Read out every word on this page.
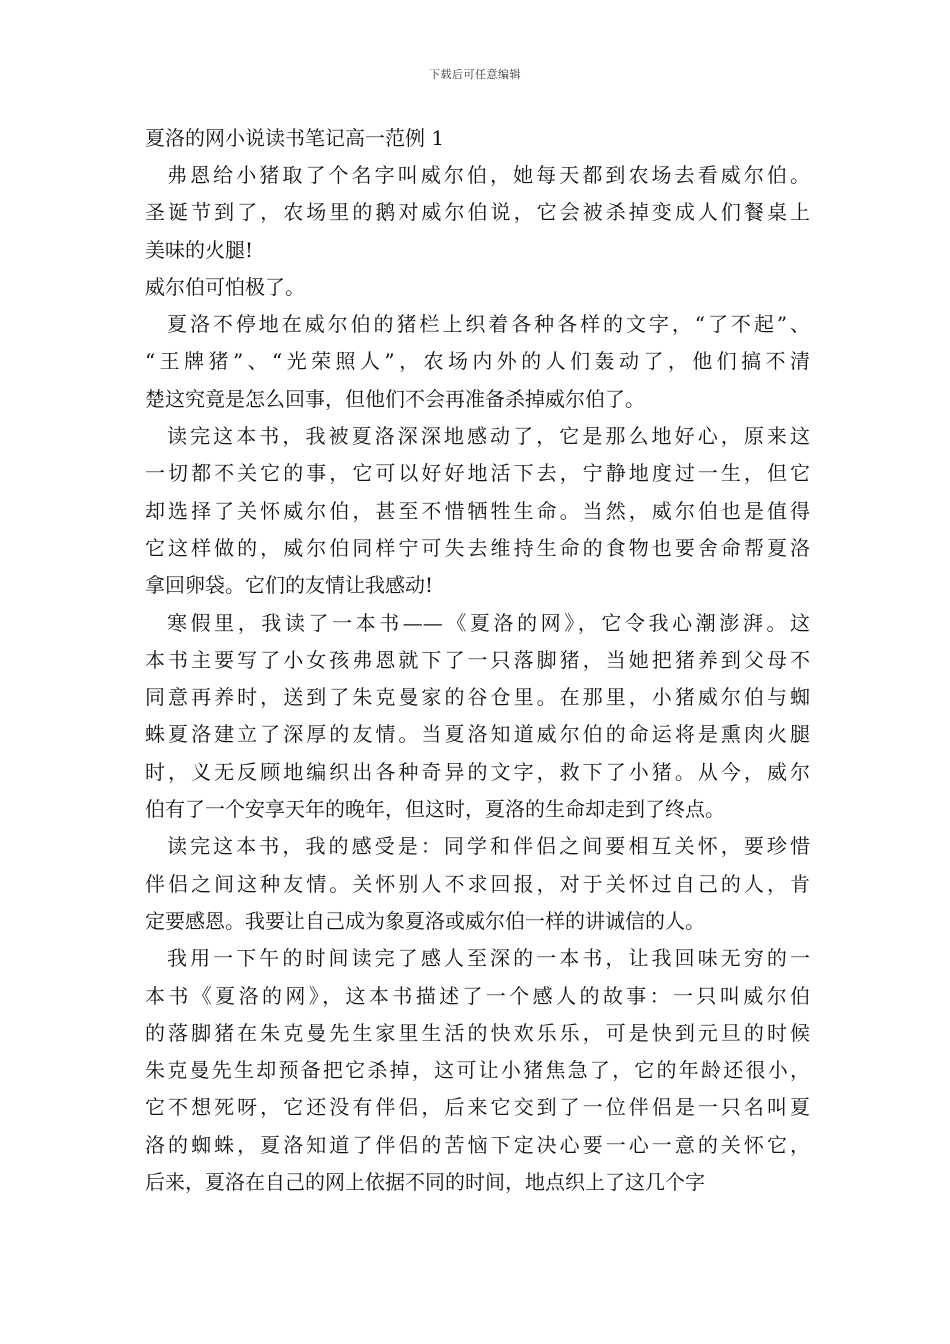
下载后可任意编辑
夏洛的网小说读书笔记高一范例 1
弗恩给小猪取了个名字叫威尔伯，她每天都到农场去看威尔伯。
圣诞节到了，农场里的鹅对威尔伯说，它会被杀掉变成人们餐桌上
美味的火腿!
威尔伯可怕极了。
夏洛不停地在威尔伯的猪栏上织着各种各样的文字，“了不起”、
“王牌猪”、“光荣照人”，农场内外的人们轰动了，他们搞不清
楚这究竟是怎么回事，但他们不会再准备杀掉威尔伯了。
读完这本书，我被夏洛深深地感动了，它是那么地好心，原来这
一切都不关它的事，它可以好好地活下去，宁静地度过一生，但它
却选择了关怀威尔伯，甚至不惜牺牲生命。当然，威尔伯也是值得
它这样做的，威尔伯同样宁可失去维持生命的食物也要舍命帮夏洛
拿回卵袋。它们的友情让我感动!
寒假里，我读了一本书——《夏洛的网》，它令我心潮澎湃。这
本书主要写了小女孩弗恩就下了一只落脚猪，当她把猪养到父母不
同意再养时，送到了朱克曼家的谷仓里。在那里，小猪威尔伯与蜘
蛛夏洛建立了深厚的友情。当夏洛知道威尔伯的命运将是熏肉火腿
时，义无反顾地编织出各种奇异的文字，救下了小猪。从今，威尔
伯有了一个安享天年的晚年，但这时，夏洛的生命却走到了终点。
读完这本书，我的感受是：同学和伴侣之间要相互关怀，要珍惜
伴侣之间这种友情。关怀别人不求回报，对于关怀过自己的人，肯
定要感恩。我要让自己成为象夏洛或威尔伯一样的讲诚信的人。
我用一下午的时间读完了感人至深的一本书，让我回味无穷的一
本书《夏洛的网》，这本书描述了一个感人的故事：一只叫威尔伯
的落脚猪在朱克曼先生家里生活的快欢乐乐，可是快到元旦的时候
朱克曼先生却预备把它杀掉，这可让小猪焦急了，它的年龄还很小，
它不想死呀，它还没有伴侣，后来它交到了一位伴侣是一只名叫夏
洛的蜘蛛，夏洛知道了伴侣的苦恼下定决心要一心一意的关怀它，
后来，夏洛在自己的网上依据不同的时间，地点织上了这几个字
